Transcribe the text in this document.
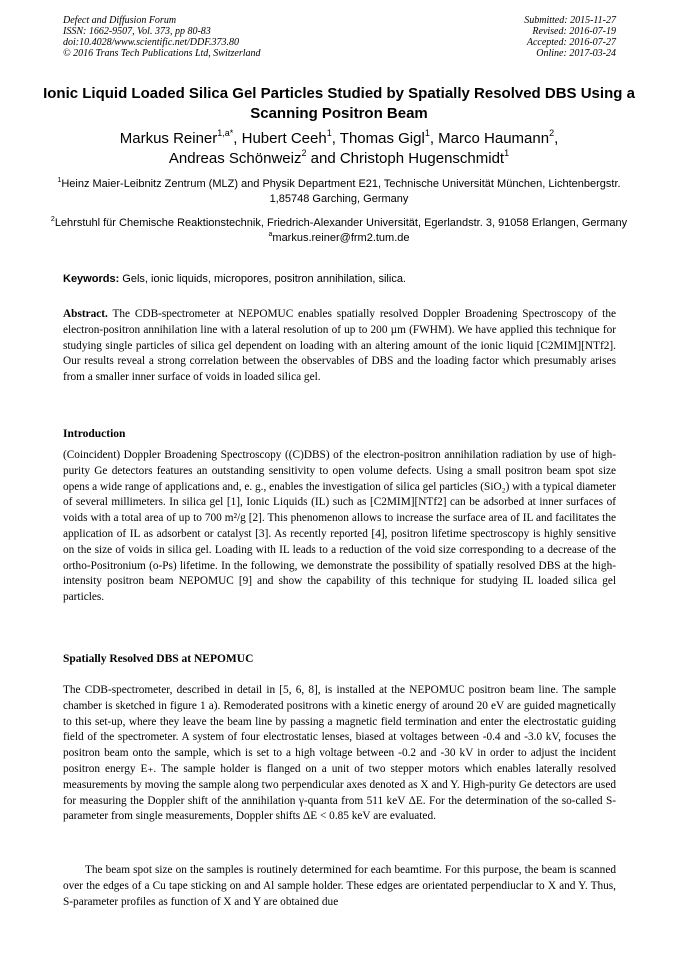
Defect and Diffusion Forum
ISSN: 1662-9507, Vol. 373, pp 80-83
doi:10.4028/www.scientific.net/DDF.373.80
© 2016 Trans Tech Publications Ltd, Switzerland
Submitted: 2015-11-27
Revised: 2016-07-19
Accepted: 2016-07-27
Online: 2017-03-24
Ionic Liquid Loaded Silica Gel Particles Studied by Spatially Resolved DBS Using a Scanning Positron Beam
Markus Reiner$^{1,a*}$, Hubert Ceeh$^1$, Thomas Gigl$^1$, Marco Haumann$^2$,
Andreas Schönweiz$^2$ and Christoph Hugenschmidt$^1$
$^1$Heinz Maier-Leibnitz Zentrum (MLZ) and Physik Department E21, Technische Universität München, Lichtenbergstr. 1,85748 Garching, Germany
$^2$Lehrstuhl für Chemische Reaktionstechnik, Friedrich-Alexander Universität, Egerlandstr. 3, 91058 Erlangen, Germany
$^a$markus.reiner@frm2.tum.de
Keywords: Gels, ionic liquids, micropores, positron annihilation, silica.
Abstract. The CDB-spectrometer at NEPOMUC enables spatially resolved Doppler Broadening Spectroscopy of the electron-positron annihilation line with a lateral resolution of up to 200 µm (FWHM). We have applied this technique for studying single particles of silica gel dependent on loading with an altering amount of the ionic liquid [C2MIM][NTf2]. Our results reveal a strong correlation between the observables of DBS and the loading factor which presumably arises from a smaller inner surface of voids in loaded silica gel.
Introduction

(Coincident) Doppler Broadening Spectroscopy ((C)DBS) of the electron-positron annihilation radiation by use of high-purity Ge detectors features an outstanding sensitivity to open volume defects. Using a small positron beam spot size opens a wide range of applications and, e. g., enables the investigation of silica gel particles (SiO₂) with a typical diameter of several millimeters. In silica gel [1], Ionic Liquids (IL) such as [C2MIM][NTf2] can be adsorbed at inner surfaces of voids with a total area of up to 700 m²/g [2]. This phenomenon allows to increase the surface area of IL and facilitates the application of IL as adsorbent or catalyst [3]. As recently reported [4], positron lifetime spectroscopy is highly sensitive on the size of voids in silica gel. Loading with IL leads to a reduction of the void size corresponding to a decrease of the ortho-Positronium (o-Ps) lifetime. In the following, we demonstrate the possibility of spatially resolved DBS at the high-intensity positron beam NEPOMUC [9] and show the capability of this technique for studying IL loaded silica gel particles.

Spatially Resolved DBS at NEPOMUC

The CDB-spectrometer, described in detail in [5, 6, 8], is installed at the NEPOMUC positron beam line. The sample chamber is sketched in figure 1 a). Remoderated positrons with a kinetic energy of around 20 eV are guided magnetically to this set-up, where they leave the beam line by passing a magnetic field termination and enter the electrostatic guiding field of the spectrometer. A system of four electrostatic lenses, biased at voltages between -0.4 and -3.0 kV, focuses the positron beam onto the sample, which is set to a high voltage between -0.2 and -30 kV in order to adjust the incident positron energy E₊. The sample holder is flanged on a unit of two stepper motors which enables laterally resolved measurements by moving the sample along two perpendicular axes denoted as X and Y. High-purity Ge detectors are used for measuring the Doppler shift of the annihilation γ-quanta from 511 keV ΔE. For the determination of the so-called S-parameter from single measurements, Doppler shifts ΔE < 0.85 keV are evaluated.

The beam spot size on the samples is routinely determined for each beamtime. For this purpose, the beam is scanned over the edges of a Cu tape sticking on and Al sample holder. These edges are orientated perpendiuclar to X and Y. Thus, S-parameter profiles as function of X and Y are obtained due
